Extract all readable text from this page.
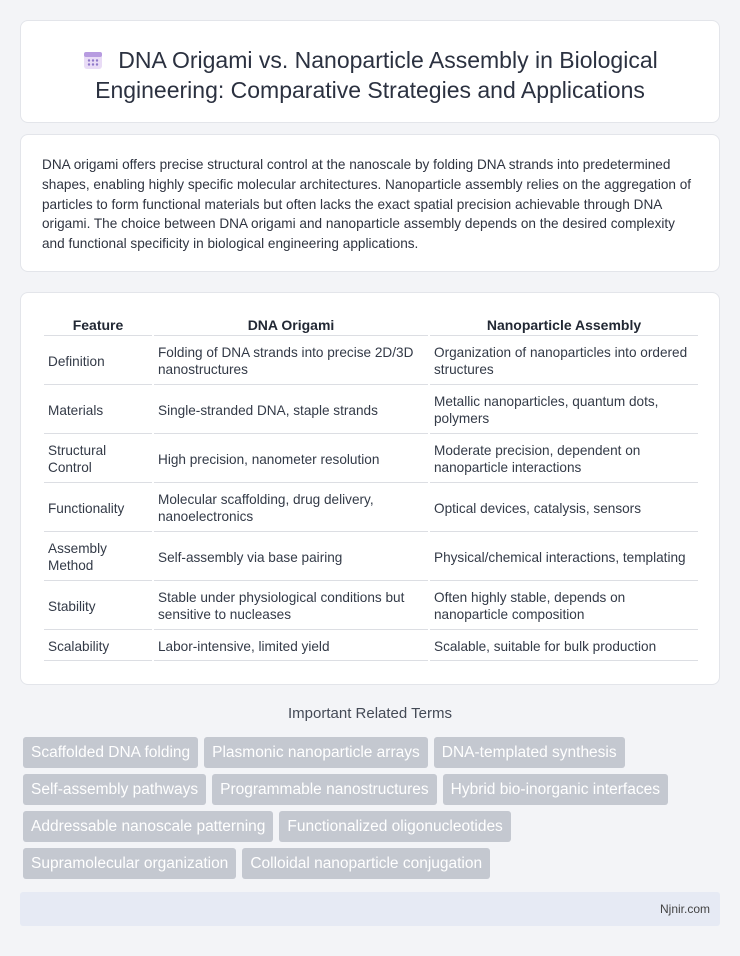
DNA Origami vs. Nanoparticle Assembly in Biological Engineering: Comparative Strategies and Applications

DNA origami offers precise structural control at the nanoscale by folding DNA strands into predetermined shapes, enabling highly specific molecular architectures. Nanoparticle assembly relies on the aggregation of particles to form functional materials but often lacks the exact spatial precision achievable through DNA origami. The choice between DNA origami and nanoparticle assembly depends on the desired complexity and functional specificity in biological engineering applications.

Feature	DNA Origami	Nanoparticle Assembly
Definition	Folding of DNA strands into precise 2D/3D nanostructures	Organization of nanoparticles into ordered structures
Materials	Single-stranded DNA, staple strands	Metallic nanoparticles, quantum dots, polymers
Structural Control	High precision, nanometer resolution	Moderate precision, dependent on nanoparticle interactions
Functionality	Molecular scaffolding, drug delivery, nanoelectronics	Optical devices, catalysis, sensors
Assembly Method	Self-assembly via base pairing	Physical/chemical interactions, templating
Stability	Stable under physiological conditions but sensitive to nucleases	Often highly stable, depends on nanoparticle composition
Scalability	Labor-intensive, limited yield	Scalable, suitable for bulk production
Important Related Terms
Scaffolded DNA folding	Plasmonic nanoparticle arrays	DNA-templated synthesis
Self-assembly pathways	Programmable nanostructures	Hybrid bio-inorganic interfaces
Addressable nanoscale patterning	Functionalized oligonucleotides
Supramolecular organization	Colloidal nanoparticle conjugation
Njnir.com
